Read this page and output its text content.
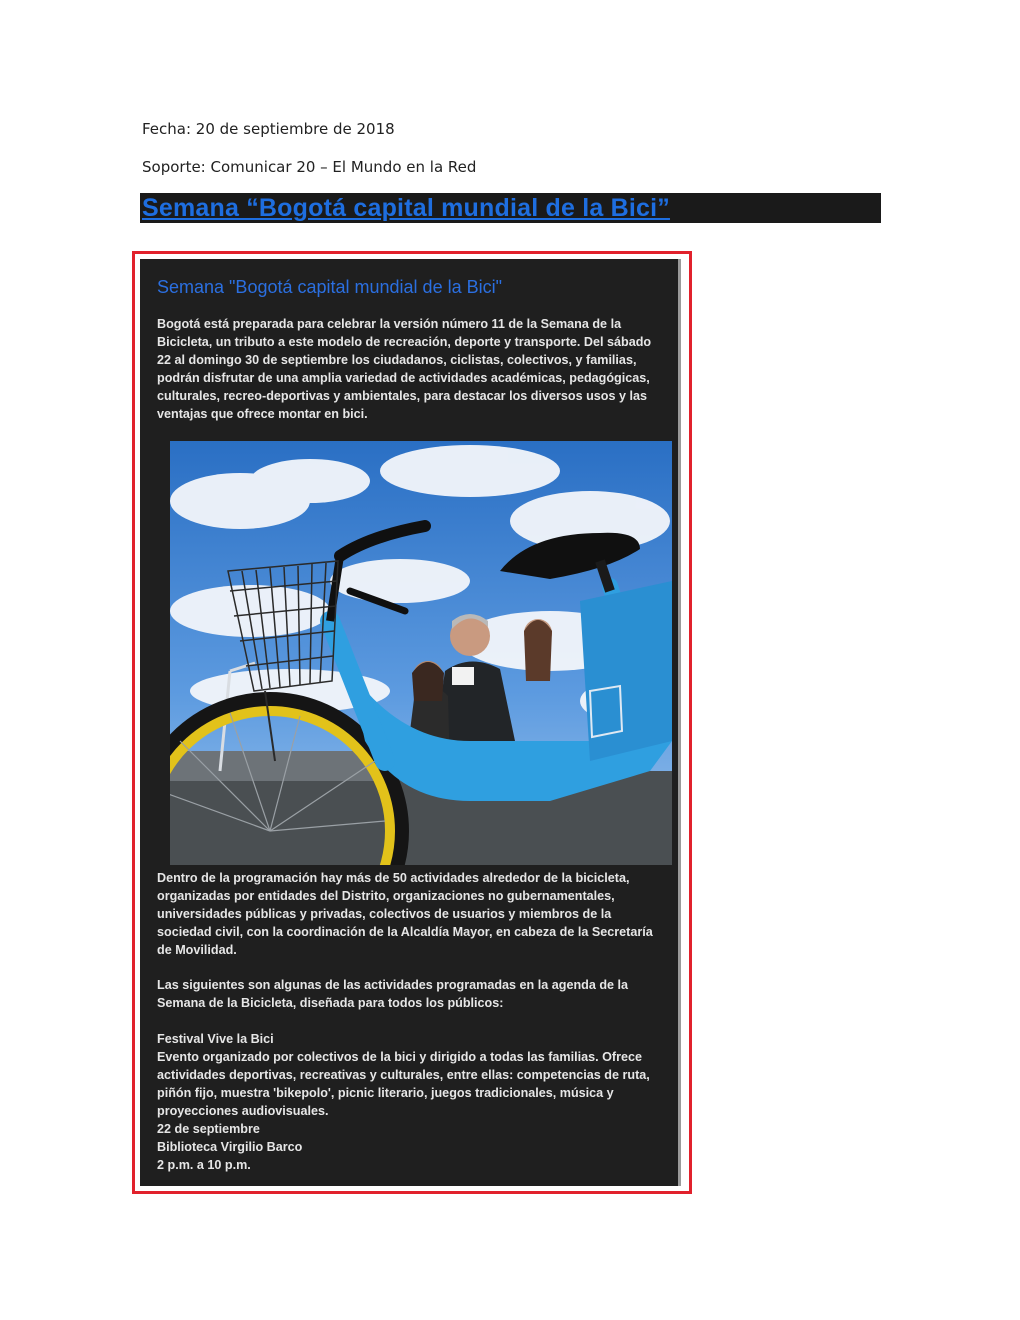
Fecha: 20 de septiembre de 2018
Soporte: Comunicar 20 – El Mundo en la Red
Semana “Bogotá capital mundial de la Bici”
Semana "Bogotá capital mundial de la Bici"
Bogotá está preparada para celebrar la versión número 11 de la Semana de la Bicicleta, un tributo a este modelo de recreación, deporte y transporte. Del sábado 22 al domingo 30 de septiembre los ciudadanos, ciclistas, colectivos, y familias, podrán disfrutar de una amplia variedad de actividades académicas, pedagógicas, culturales, recreo-deportivas y ambientales, para destacar los diversos usos y las ventajas que ofrece montar en bici.
Dentro de la programación hay más de 50 actividades alrededor de la bicicleta, organizadas por entidades del Distrito, organizaciones no gubernamentales, universidades públicas y privadas, colectivos de usuarios y miembros de la sociedad civil, con la coordinación de la Alcaldía Mayor, en cabeza de la Secretaría de Movilidad.
Las siguientes son algunas de las actividades programadas en la agenda de la Semana de la Bicicleta, diseñada para todos los públicos:
Festival Vive la Bici
Evento organizado por colectivos de la bici y dirigido a todas las familias. Ofrece actividades deportivas, recreativas y culturales, entre ellas: competencias de ruta, piñón fijo, muestra 'bikepolo', picnic literario, juegos tradicionales, música y proyecciones audiovisuales.
22 de septiembre
Biblioteca Virgilio Barco
2 p.m. a 10 p.m.
